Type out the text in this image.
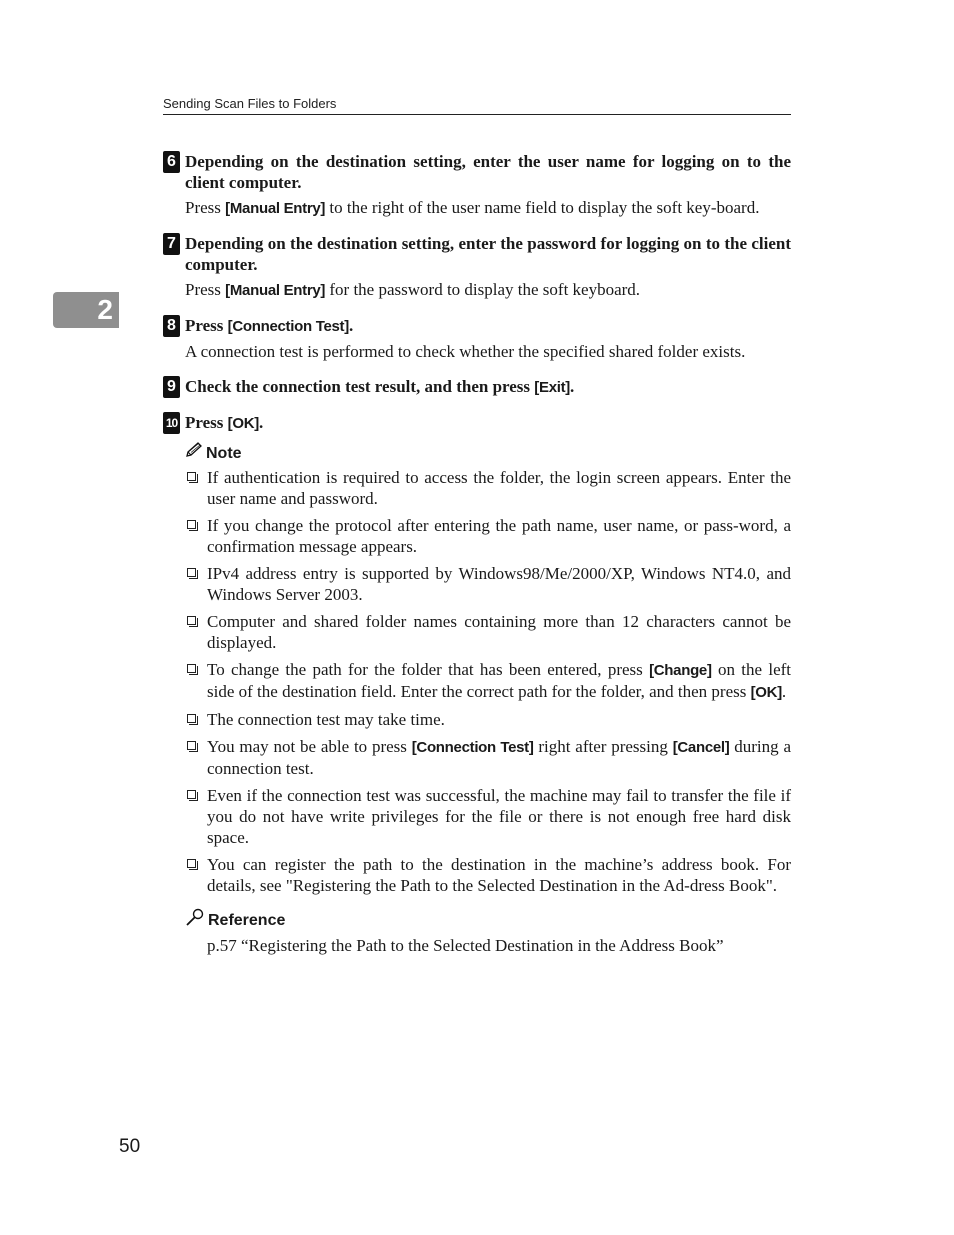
Sending Scan Files to Folders
2
6 Depending on the destination setting, enter the user name for logging on to the client computer.

Press [Manual Entry] to the right of the user name field to display the soft key-board.

7 Depending on the destination setting, enter the password for logging on to the client computer.

Press [Manual Entry] for the password to display the soft keyboard.

8 Press [Connection Test].

A connection test is performed to check whether the specified shared folder exists.

9 Check the connection test result, and then press [Exit].

10 Press [OK].

Note
If authentication is required to access the folder, the login screen appears. Enter the user name and password.
If you change the protocol after entering the path name, user name, or pass-word, a confirmation message appears.
IPv4 address entry is supported by Windows98/Me/2000/XP, Windows NT4.0, and Windows Server 2003.
Computer and shared folder names containing more than 12 characters cannot be displayed.
To change the path for the folder that has been entered, press [Change] on the left side of the destination field. Enter the correct path for the folder, and then press [OK].
The connection test may take time.
You may not be able to press [Connection Test] right after pressing [Cancel] during a connection test.
Even if the connection test was successful, the machine may fail to transfer the file if you do not have write privileges for the file or there is not enough free hard disk space.
You can register the path to the destination in the machine’s address book. For details, see "Registering the Path to the Selected Destination in the Ad-dress Book".
Reference

p.57 “Registering the Path to the Selected Destination in the Address Book”

50
